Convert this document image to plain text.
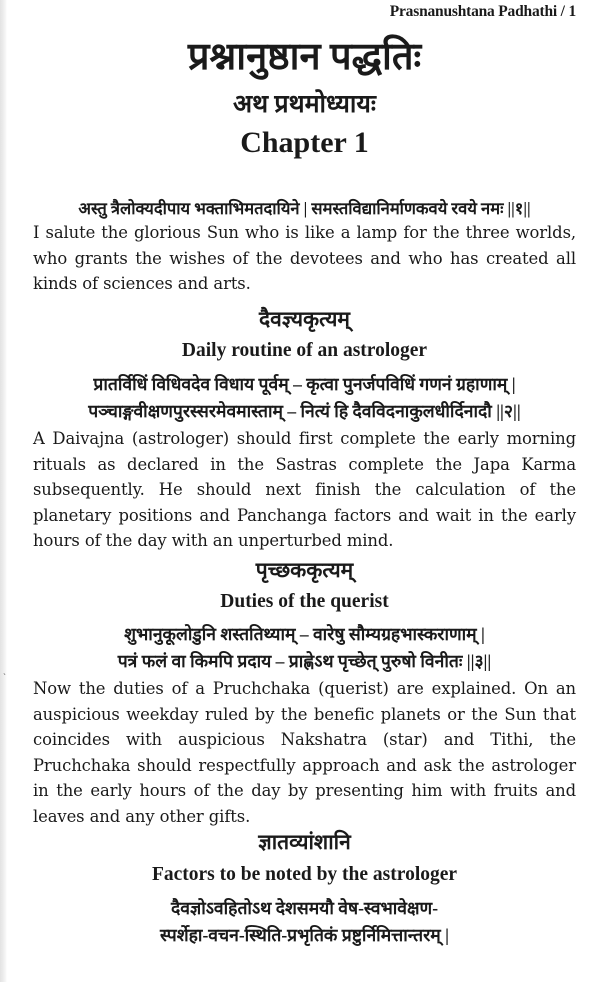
`
Prasnanushtana Padhathi / 1
प्रश्नानुष्ठान पद्धतिः
अथ प्रथमोध्यायः
Chapter 1
अस्तु त्रैलोक्यदीपाय भक्ताभिमतदायिने | समस्तविद्यानिर्माणकवये रवये नमः ||१||
I salute the glorious Sun who is like a lamp for the three worlds, who grants the wishes of the devotees and who has created all kinds of sciences and arts.
दैवज्ञ्यकृत्यम्
Daily routine of an astrologer
प्रातर्विधिं विधिवदेव विधाय पूर्वम् – कृत्वा पुनर्जपविधिं गणनं ग्रहाणाम् |
पञ्चाङ्गवीक्षणपुरस्सरमेवमास्ताम् – नित्यं हि दैवविदनाकुलधीर्दिनादौ ||२||
A Daivajna (astrologer) should first complete the early morning rituals as declared in the Sastras complete the Japa Karma subsequently. He should next finish the calculation of the planetary positions and Panchanga factors and wait in the early hours of the day with an unperturbed mind.
पृच्छककृत्यम्
Duties of the querist
शुभानुकूलोडुनि शस्ततिथ्याम् – वारेषु सौम्यग्रहभास्कराणाम् |
पत्रं फलं वा किमपि प्रदाय – प्राह्णेऽथ पृच्छेत् पुरुषो विनीतः ||३||
Now the duties of a Pruchchaka (querist) are explained. On an auspicious weekday ruled by the benefic planets or the Sun that coincides with auspicious Nakshatra (star) and Tithi, the Pruchchaka should respectfully approach and ask the astrologer in the early hours of the day by presenting him with fruits and leaves and any other gifts.
ज्ञातव्यांशानि
Factors to be noted by the astrologer
दैवज्ञोऽवहितोऽथ देशसमयौ वेष-स्वभावेक्षण-
स्पर्शेहा-वचन-स्थिति-प्रभृतिकं प्रष्टुर्निमित्तान्तरम् |
